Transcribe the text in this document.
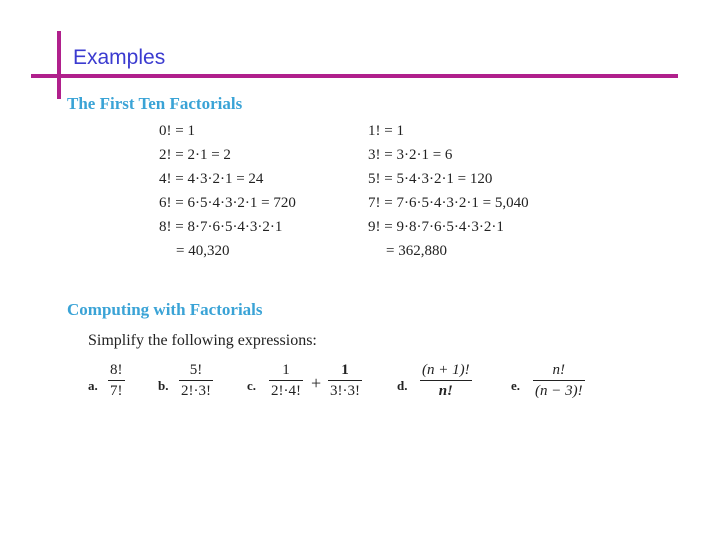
Examples
The First Ten Factorials
0! = 1
2! = 2·1 = 2
4! = 4·3·2·1 = 24
6! = 6·5·4·3·2·1 = 720
8! = 8·7·6·5·4·3·2·1
= 40,320
1! = 1
3! = 3·2·1 = 6
5! = 5·4·3·2·1 = 120
7! = 7·6·5·4·3·2·1 = 5,040
9! = 9·8·7·6·5·4·3·2·1
= 362,880
Computing with Factorials
Simplify the following expressions:
a. $\frac{8!}{7!}$	b. $\frac{5!}{2!\cdot 3!}$	c. $\frac{1}{2!\cdot 4!} + \frac{1}{3!\cdot 3!}$	d. $\frac{(n + 1)!}{n!}$	e. $\frac{n!}{(n - 3)!}$
